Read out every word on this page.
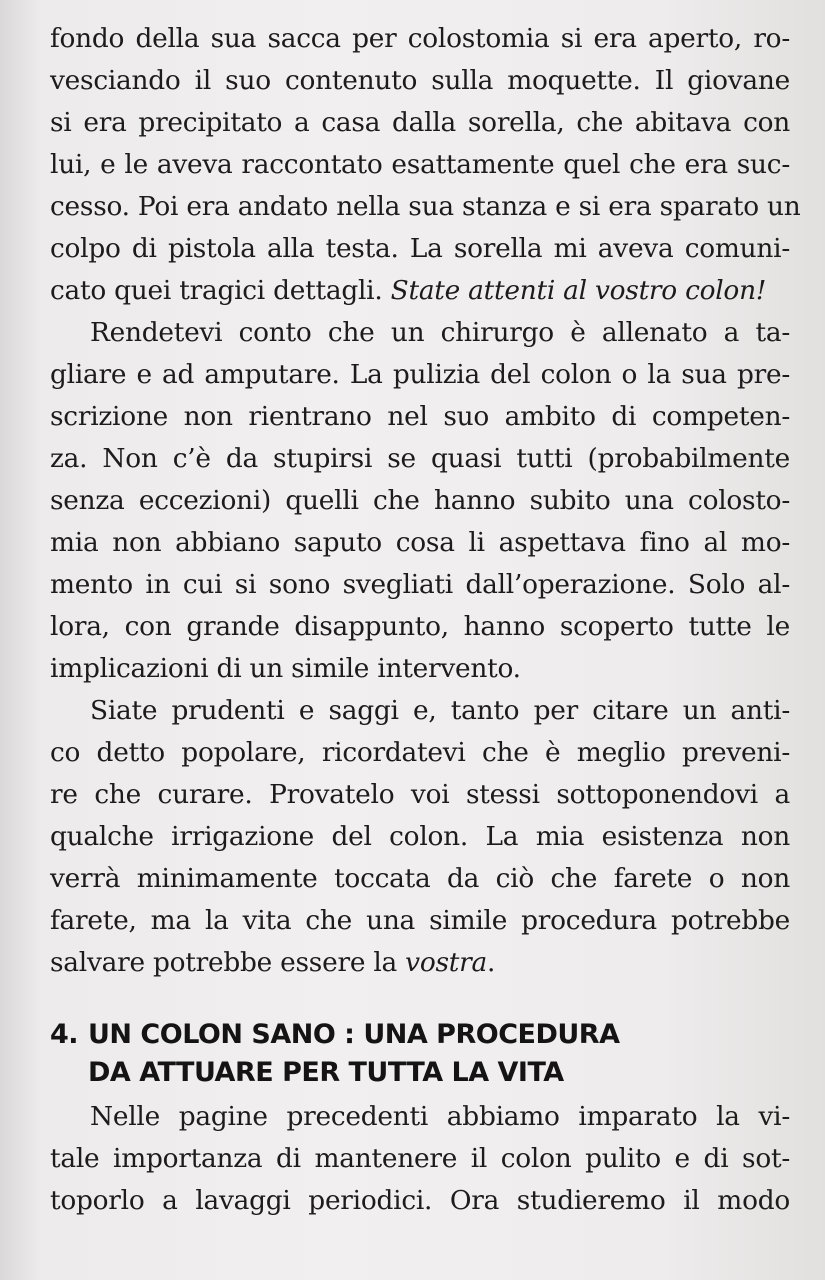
fondo della sua sacca per colostomia si era aperto, ro-
vesciando il suo contenuto sulla moquette. Il giovane
si era precipitato a casa dalla sorella, che abitava con
lui, e le aveva raccontato esattamente quel che era suc-
cesso. Poi era andato nella sua stanza e si era sparato un
colpo di pistola alla testa. La sorella mi aveva comuni-
cato quei tragici dettagli. State attenti al vostro colon!
Rendetevi conto che un chirurgo è allenato a ta-
gliare e ad amputare. La pulizia del colon o la sua pre-
scrizione non rientrano nel suo ambito di competen-
za. Non c’è da stupirsi se quasi tutti (probabilmente
senza eccezioni) quelli che hanno subito una colosto-
mia non abbiano saputo cosa li aspettava fino al mo-
mento in cui si sono svegliati dall’operazione. Solo al-
lora, con grande disappunto, hanno scoperto tutte le
implicazioni di un simile intervento.
Siate prudenti e saggi e, tanto per citare un anti-
co detto popolare, ricordatevi che è meglio preveni-
re che curare. Provatelo voi stessi sottoponendovi a
qualche irrigazione del colon. La mia esistenza non
verrà minimamente toccata da ciò che farete o non
farete, ma la vita che una simile procedura potrebbe
salvare potrebbe essere la vostra.
4. UN COLON SANO : UNA PROCEDURA
DA ATTUARE PER TUTTA LA VITA
Nelle pagine precedenti abbiamo imparato la vi-
tale importanza di mantenere il colon pulito e di sot-
toporlo a lavaggi periodici. Ora studieremo il modo
